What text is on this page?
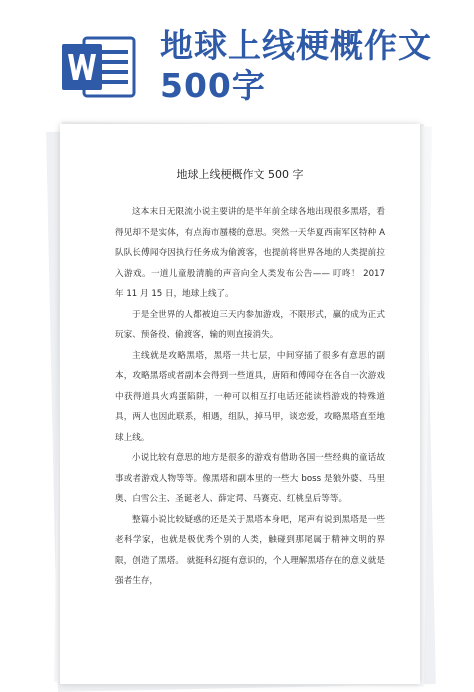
地球上线梗概作文
500字
地球上线梗概作文 500 字

这本末日无限流小说主要讲的是半年前全球各地出现很多黑塔，看得见却不是实体，有点海市蜃楼的意思。突然一天华夏西南军区特种 A 队队长傅闻夺因执行任务成为偷渡客，也提前将世界各地的人类提前拉入游戏。一道儿童般清脆的声音向全人类发布公告—— 叮咚！ 2017 年 11 月 15 日，地球上线了。

于是全世界的人都被迫三天内参加游戏，不限形式，赢的成为正式玩家、预备役、偷渡客，输的则直接消失。

主线就是攻略黑塔，黑塔一共七层，中间穿插了很多有意思的副本，攻略黑塔或者副本会得到一些道具，唐陌和傅闻夺在各自一次游戏中获得道具火鸡蛋陷阱，一种可以相互打电话还能读档游戏的特殊道具，两人也因此联系，相遇，组队，掉马甲，谈恋爱，攻略黑塔直至地球上线。

小说比较有意思的地方是很多的游戏有借助各国一些经典的童话故事或者游戏人物等等。像黑塔和副本里的一些大 boss 是狼外婆、马里奥、白雪公主、圣诞老人、薛定谔、马赛克、红桃皇后等等。

整篇小说比较疑惑的还是关于黑塔本身吧，尾声有说到黑塔是一些老科学家，也就是极优秀个别的人类，触碰到那尾属于精神文明的界限，创造了黑塔。 就挺科幻挺有意识的，个人理解黑塔存在的意义就是强者生存，
